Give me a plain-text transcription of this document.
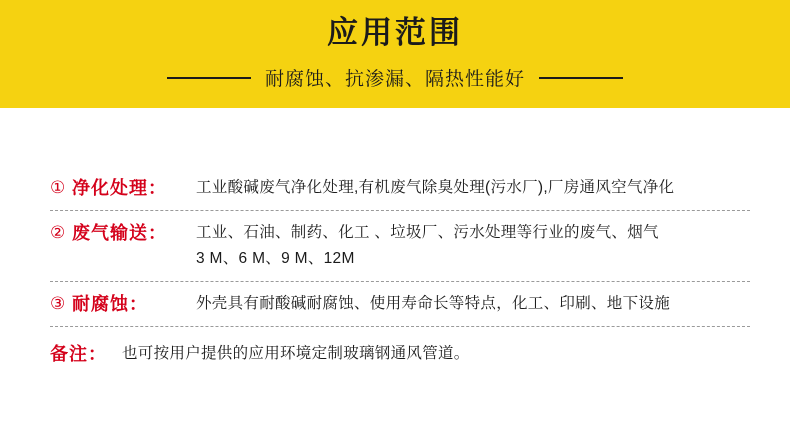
应用范围
耐腐蚀、抗渗漏、隔热性能好
① 净化处理：	工业酸碱废气净化处理,有机废气除臭处理(污水厂),厂房通风空气净化
② 废气输送：	工业、石油、制药、化工 、垃圾厂、污水处理等行业的废气、烟气
3 M、6 M、9 M、12M
③ 耐腐蚀：	外壳具有耐酸碱耐腐蚀、使用寿命长等特点，化工、印刷、地下设施
备注： 也可按用户提供的应用环境定制玻璃钢通风管道。
